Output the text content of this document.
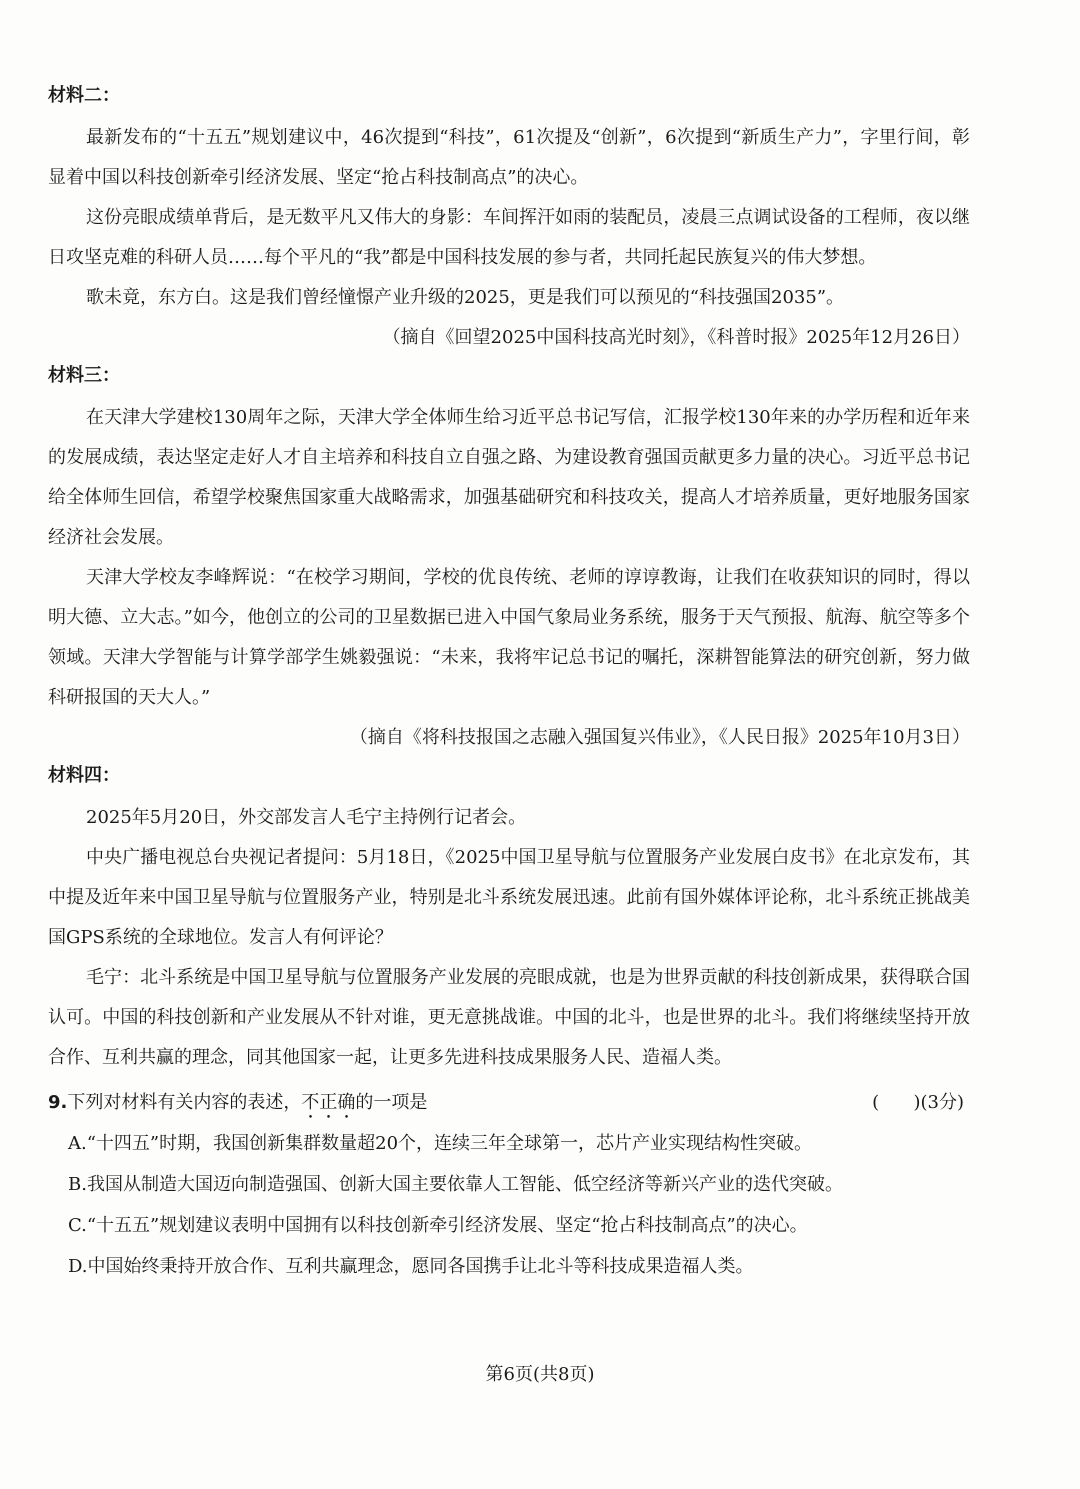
材料二：

最新发布的“十五五”规划建议中，46次提到“科技”，61次提及“创新”，6次提到“新质生产力”，字里行间，彰显着中国以科技创新牵引经济发展、坚定“抢占科技制高点”的决心。

这份亮眼成绩单背后，是无数平凡又伟大的身影：车间挥汗如雨的装配员，凌晨三点调试设备的工程师，夜以继日攻坚克难的科研人员……每个平凡的“我”都是中国科技发展的参与者，共同托起民族复兴的伟大梦想。

歌未竟，东方白。这是我们曾经憧憬产业升级的2025，更是我们可以预见的“科技强国2035”。

（摘自《回望2025中国科技高光时刻》，《科普时报》2025年12月26日）

材料三：

在天津大学建校130周年之际，天津大学全体师生给习近平总书记写信，汇报学校130年来的办学历程和近年来的发展成绩，表达坚定走好人才自主培养和科技自立自强之路、为建设教育强国贡献更多力量的决心。习近平总书记给全体师生回信，希望学校聚焦国家重大战略需求，加强基础研究和科技攻关，提高人才培养质量，更好地服务国家经济社会发展。

天津大学校友李峰辉说：“在校学习期间，学校的优良传统、老师的谆谆教诲，让我们在收获知识的同时，得以明大德、立大志。”如今，他创立的公司的卫星数据已进入中国气象局业务系统，服务于天气预报、航海、航空等多个领域。天津大学智能与计算学部学生姚毅强说：“未来，我将牢记总书记的嘱托，深耕智能算法的研究创新，努力做科研报国的天大人。”

（摘自《将科技报国之志融入强国复兴伟业》，《人民日报》2025年10月3日）

材料四：

2025年5月20日，外交部发言人毛宁主持例行记者会。

中央广播电视总台央视记者提问：5月18日，《2025中国卫星导航与位置服务产业发展白皮书》在北京发布，其中提及近年来中国卫星导航与位置服务产业，特别是北斗系统发展迅速。此前有国外媒体评论称，北斗系统正挑战美国GPS系统的全球地位。发言人有何评论？

毛宁：北斗系统是中国卫星导航与位置服务产业发展的亮眼成就，也是为世界贡献的科技创新成果，获得联合国认可。中国的科技创新和产业发展从不针对谁，更无意挑战谁。中国的北斗，也是世界的北斗。我们将继续坚持开放合作、互利共赢的理念，同其他国家一起，让更多先进科技成果服务人民、造福人类。

9.下列对材料有关内容的表述，不正确的一项是	(      )(3分)

A.“十四五”时期，我国创新集群数量超20个，连续三年全球第一，芯片产业实现结构性突破。

B.我国从制造大国迈向制造强国、创新大国主要依靠人工智能、低空经济等新兴产业的迭代突破。

C.“十五五”规划建议表明中国拥有以科技创新牵引经济发展、坚定“抢占科技制高点”的决心。

D.中国始终秉持开放合作、互利共赢理念，愿同各国携手让北斗等科技成果造福人类。

第6页(共8页)
